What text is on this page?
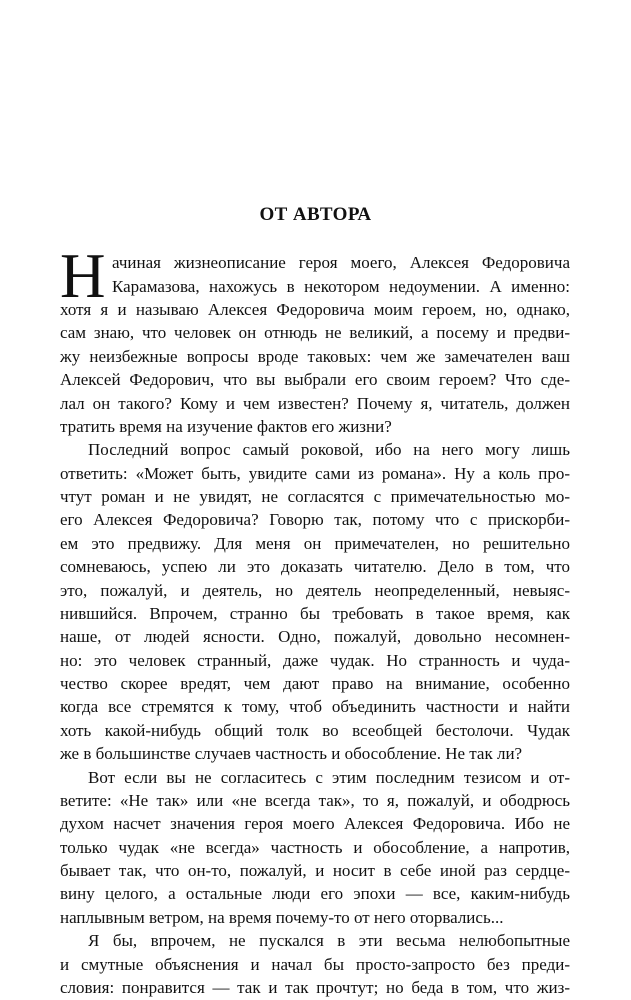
ОТ АВТОРА
Н ачиная жизнеописание героя моего, Алексея Федоровича
Карамазова, нахожусь в некотором недоумении. А именно:
хотя я и называю Алексея Федоровича моим героем, но, однако,
сам знаю, что человек он отнюдь не великий, а посему и предви-
жу неизбежные вопросы вроде таковых: чем же замечателен ваш
Алексей Федорович, что вы выбрали его своим героем? Что сде-
лал он такого? Кому и чем известен? Почему я, читатель, должен
тратить время на изучение фактов его жизни?
Последний вопрос самый роковой, ибо на него могу лишь
ответить: «Может быть, увидите сами из романа». Ну а коль про-
чтут роман и не увидят, не согласятся с примечательностью мо-
его Алексея Федоровича? Говорю так, потому что с прискорби-
ем это предвижу. Для меня он примечателен, но решительно
сомневаюсь, успею ли это доказать читателю. Дело в том, что
это, пожалуй, и деятель, но деятель неопределенный, невыяс-
нившийся. Впрочем, странно бы требовать в такое время, как
наше, от людей ясности. Одно, пожалуй, довольно несомнен-
но: это человек странный, даже чудак. Но странность и чуда-
чество скорее вредят, чем дают право на внимание, особенно
когда все стремятся к тому, чтоб объединить частности и найти
хоть какой-нибудь общий толк во всеобщей бестолочи. Чудак
же в большинстве случаев частность и обособление. Не так ли?
Вот если вы не согласитесь с этим последним тезисом и от-
ветите: «Не так» или «не всегда так», то я, пожалуй, и ободрюсь
духом насчет значения героя моего Алексея Федоровича. Ибо не
только чудак «не всегда» частность и обособление, а напротив,
бывает так, что он-то, пожалуй, и носит в себе иной раз сердце-
вину целого, а остальные люди его эпохи — все, каким-нибудь
наплывным ветром, на время почему-то от него оторвались...
Я бы, впрочем, не пускался в эти весьма нелюбопытные
и смутные объяснения и начал бы просто-запросто без преди-
словия: понравится — так и так прочтут; но беда в том, что жиз-
